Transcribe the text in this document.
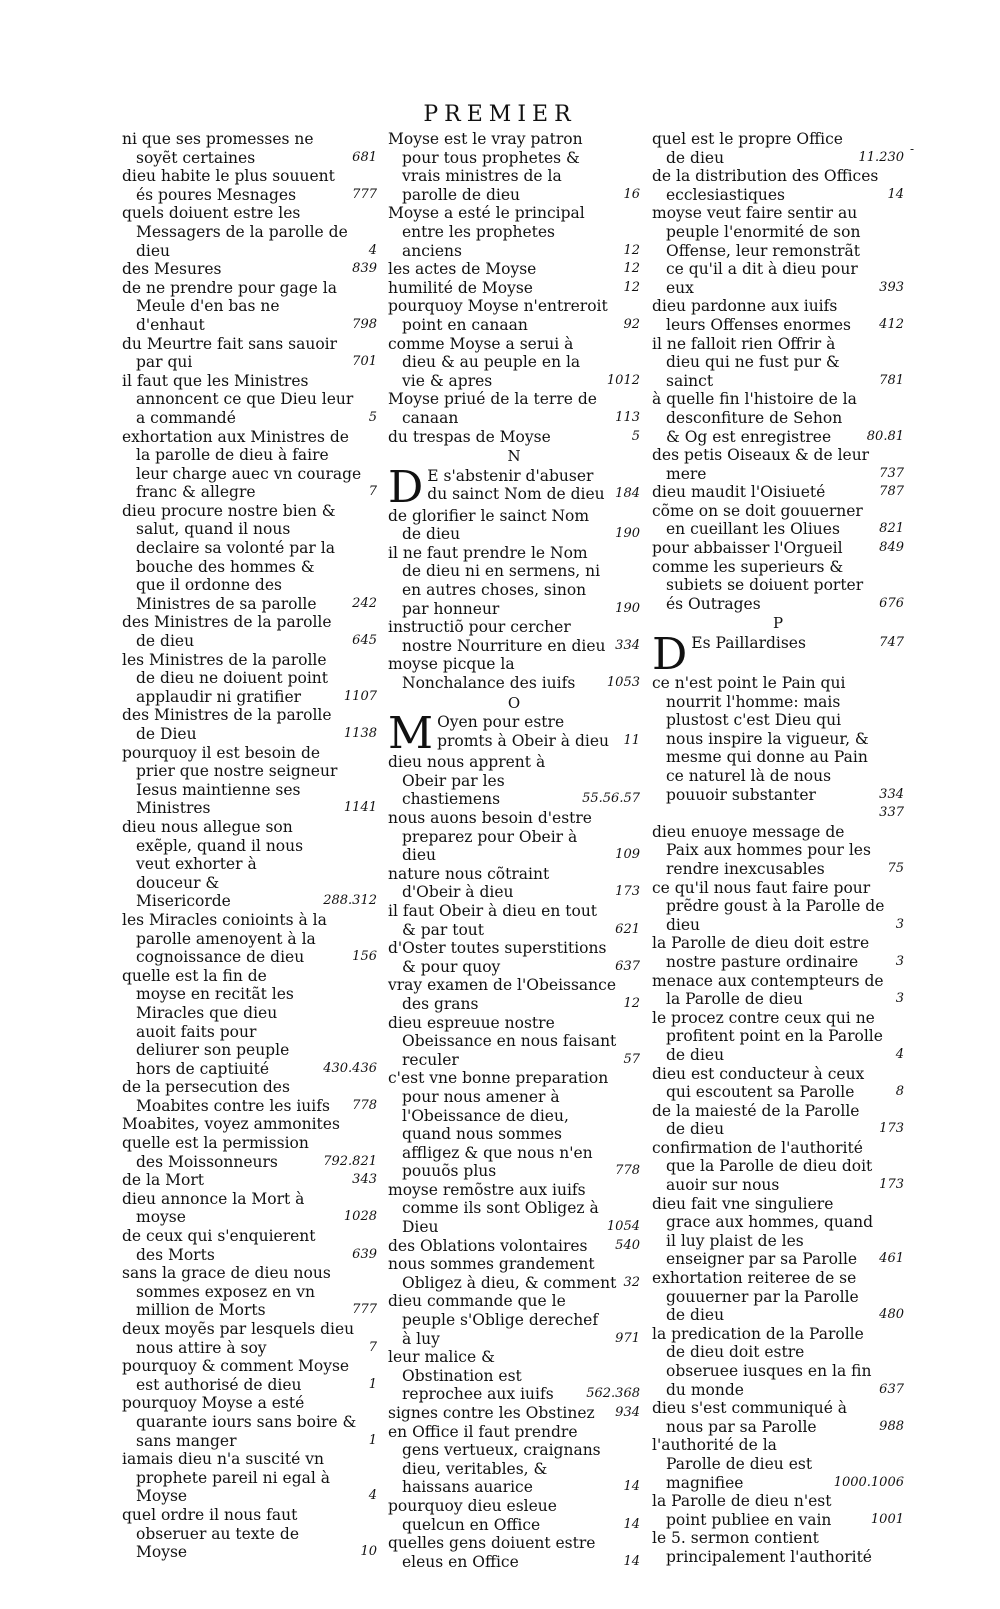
PREMIER
-

ni que ses promesses ne soyẽt certaines	681

dieu habite le plus souuent és poures Mesnages	777

quels doiuent estre les Messagers de la parolle de dieu	4

des Mesures	839

de ne prendre pour gage la Meule d'en bas ne d'enhaut	798

du Meurtre fait sans sauoir par qui	701

il faut que les Ministres annoncent ce que Dieu leur a commandé	5

exhortation aux Ministres de la parolle de dieu à faire leur charge auec vn courage franc & allegre	7

dieu procure nostre bien & salut, quand il nous declaire sa volonté par la bouche des hommes & que il ordonne des Ministres de sa parolle	242

des Ministres de la parolle de dieu	645

les Ministres de la parolle de dieu ne doiuent point applaudir ni gratifier	1107

des Ministres de la parolle de Dieu	1138

pourquoy il est besoin de prier que nostre seigneur Iesus maintienne ses Ministres	1141

dieu nous allegue son exẽple, quand il nous veut exhorter à douceur & Misericorde	288.312

les Miracles conioints à la parolle amenoyent à la cognoissance de dieu	156

quelle est la fin de moyse en recitãt les Miracles que dieu auoit faits pour deliurer son peuple hors de captiuité	430.436

de la persecution des Moabites contre les iuifs	778

Moabites, voyez ammonites

quelle est la permission des Moissonneurs	792.821

de la Mort	343

dieu annonce la Mort à moyse	1028

de ceux qui s'enquierent des Morts	639

sans la grace de dieu nous sommes exposez en vn million de Morts	777

deux moyẽs par lesquels dieu nous attire à soy	7

pourquoy & comment Moyse est authorisé de dieu	1

pourquoy Moyse a esté quarante iours sans boire & sans manger	1

iamais dieu n'a suscité vn prophete pareil ni egal à Moyse	4

quel ordre il nous faut obseruer au texte de Moyse	10

Moyse est le vray patron pour tous prophetes & vrais ministres de la parolle de dieu	16

Moyse a esté le principal entre les prophetes anciens	12

les actes de Moyse	12

humilité de Moyse	12

pourquoy Moyse n'entreroit point en canaan	92

comme Moyse a serui à dieu & au peuple en la vie & apres	1012

Moyse priué de la terre de canaan	113

du trespas de Moyse	5

N
D E s'abstenir d'abuser du sainct Nom de dieu 184

de glorifier le sainct Nom de dieu	190

il ne faut prendre le Nom de dieu ni en sermens, ni en autres choses, sinon par honneur	190

instructiõ pour cercher nostre Nourriture en dieu 334

moyse picque la Nonchalance des iuifs	1053

O
M Oyen pour estre promts à Obeir à dieu	11

dieu nous apprent à Obeir par les chastiemens	55.56.57

nous auons besoin d'estre preparez pour Obeir à dieu	109

nature nous cõtraint d'Obeir à dieu	173

il faut Obeir à dieu en tout & par tout	621

d'Oster toutes superstitions & pour quoy	637

vray examen de l'Obeissance des grans	12

dieu espreuue nostre Obeissance en nous faisant reculer	57

c'est vne bonne preparation pour nous amener à l'Obeissance de dieu, quand nous sommes affligez & que nous n'en pouuõs plus	778

moyse remõstre aux iuifs comme ils sont Obligez à Dieu	1054

des Oblations volontaires	540

nous sommes grandement Obligez à dieu, & comment 32

dieu commande que le peuple s'Oblige derechef à luy	971

leur malice & Obstination est reprochee aux iuifs	562.368

signes contre les Obstinez	934

en Office il faut prendre gens vertueux, craignans dieu, veritables, & haissans auarice	14

pourquoy dieu esleue quelcun en Office	14

quelles gens doiuent estre eleus en Office	14

quel est le propre Office de dieu	11.230

de la distribution des Offices ecclesiastiques	14

moyse veut faire sentir au peuple l'enormité de son Offense, leur remonstrãt ce qu'il a dit à dieu pour eux	393

dieu pardonne aux iuifs leurs Offenses enormes	412

il ne falloit rien Offrir à dieu qui ne fust pur & sainct	781

à quelle fin l'histoire de la desconfiture de Sehon & Og est enregistree	80.81

des petis Oiseaux & de leur mere	737

dieu maudit l'Oisiueté	787

cõme on se doit gouuerner en cueillant les Oliues	821

pour abbaisser l'Orgueil	849

comme les superieurs & subiets se doiuent porter és Outrages	676

P
D Es Paillardises	747

ce n'est point le Pain qui nourrit l'homme: mais plustost c'est Dieu qui nous inspire la vigueur, & mesme qui donne au Pain ce naturel là de nous pouuoir substanter	334

337

dieu enuoye message de Paix aux hommes pour les rendre inexcusables	75

ce qu'il nous faut faire pour prẽdre goust à la Parolle de dieu	3

la Parolle de dieu doit estre nostre pasture ordinaire	3

menace aux contempteurs de la Parolle de dieu	3

le procez contre ceux qui ne profitent point en la Parolle de dieu	4

dieu est conducteur à ceux qui escoutent sa Parolle	8

de la maiesté de la Parolle de dieu	173

confirmation de l'authorité que la Parolle de dieu doit auoir sur nous	173

dieu fait vne singuliere grace aux hommes, quand il luy plaist de les enseigner par sa Parolle	461

exhortation reiteree de se gouuerner par la Parolle de dieu	480

la predication de la Parolle de dieu doit estre obseruee iusques en la fin du monde	637

dieu s'est communiqué à nous par sa Parolle	988

l'authorité de la Parolle de dieu est magnifiee	1000.1006

la Parolle de dieu n'est point publiee en vain	1001

le 5. sermon contient principalement l'authorité
